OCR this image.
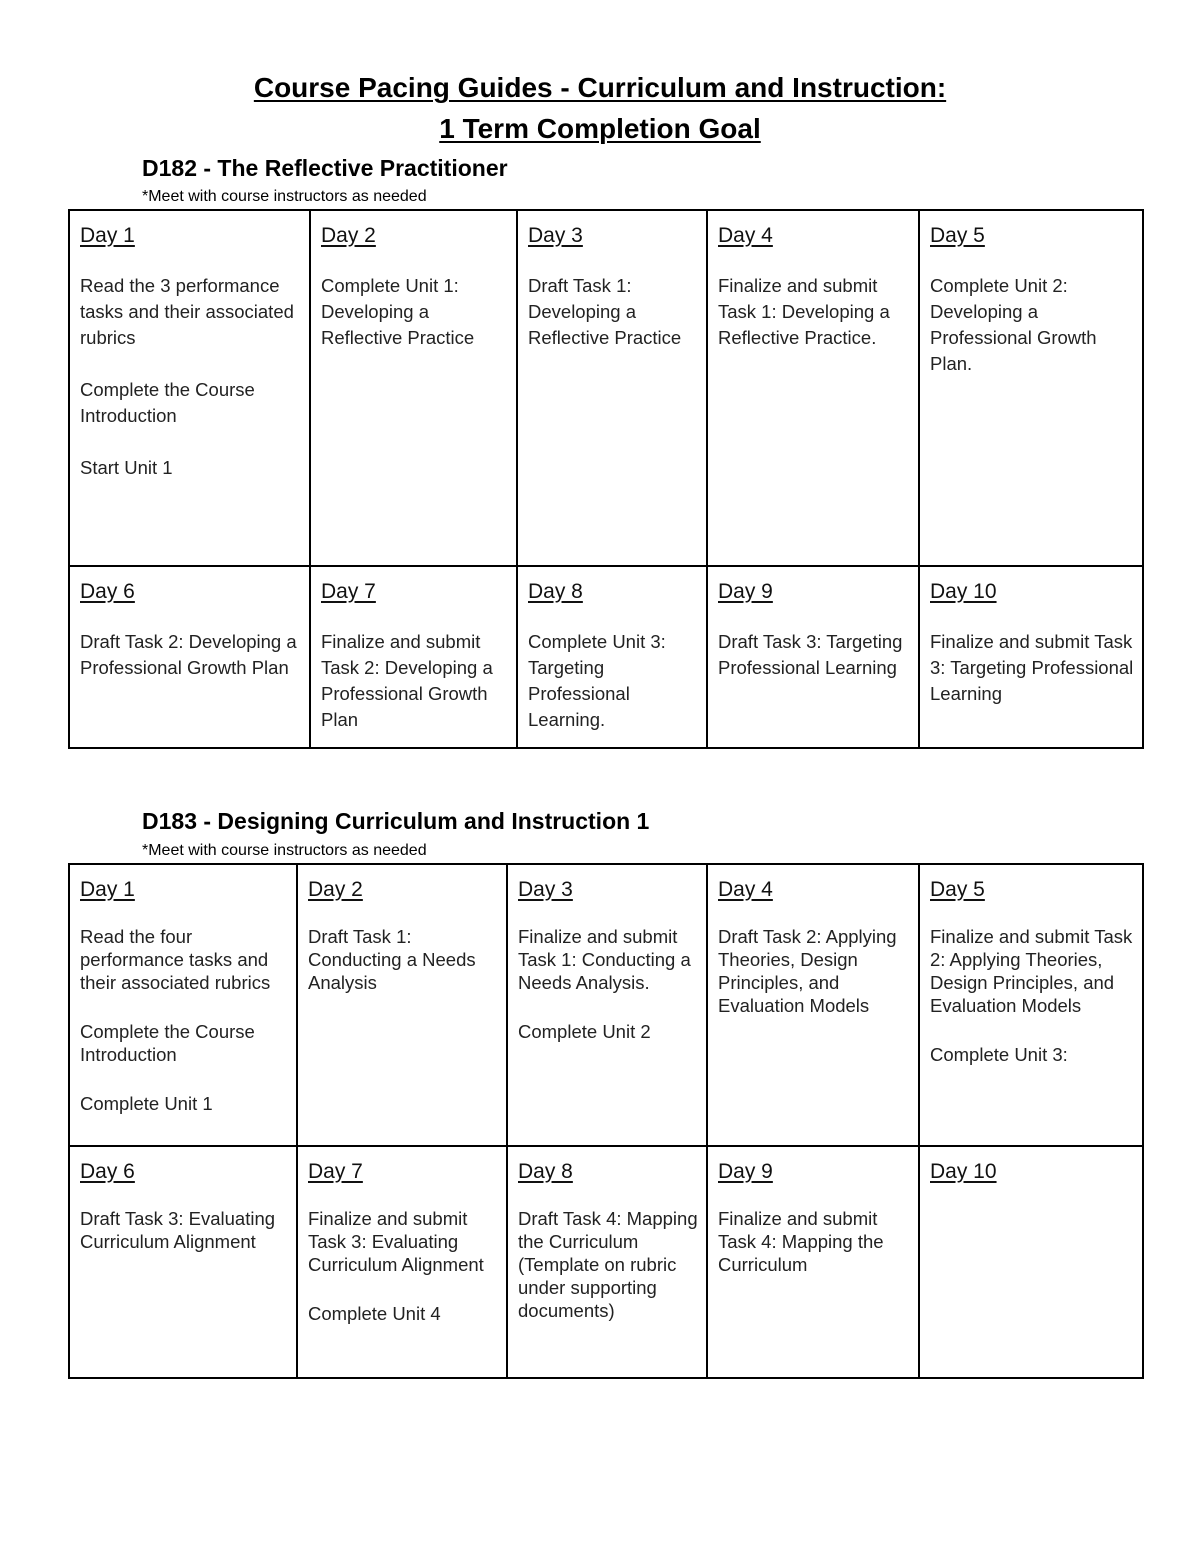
Course Pacing Guides - Curriculum and Instruction:
1 Term Completion Goal
D182 - The Reflective Practitioner

*Meet with course instructors as needed

Day 1
Read the 3 performance tasks and their associated rubrics
Complete the Course Introduction
Start Unit 1	Day 2
Complete Unit 1: Developing a Reflective Practice	Day 3
Draft Task 1: Developing a Reflective Practice	Day 4
Finalize and submit Task 1: Developing a Reflective Practice.	Day 5
Complete Unit 2: Developing a Professional Growth Plan.

Day 6
Draft Task 2: Developing a Professional Growth Plan	Day 7
Finalize and submit Task 2: Developing a Professional Growth Plan	Day 8
Complete Unit 3: Targeting Professional Learning.	Day 9
Draft Task 3: Targeting Professional Learning	Day 10
Finalize and submit Task 3: Targeting Professional Learning
D183 - Designing Curriculum and Instruction 1

*Meet with course instructors as needed

Day 1
Read the four performance tasks and their associated rubrics
Complete the Course Introduction
Complete Unit 1	Day 2
Draft Task 1: Conducting a Needs Analysis	Day 3
Finalize and submit Task 1: Conducting a Needs Analysis.
Complete Unit 2	Day 4
Draft Task 2: Applying Theories, Design Principles, and Evaluation Models	Day 5
Finalize and submit Task 2: Applying Theories, Design Principles, and Evaluation Models
Complete Unit 3:

Day 6
Draft Task 3: Evaluating Curriculum Alignment	Day 7
Finalize and submit Task 3: Evaluating Curriculum Alignment
Complete Unit 4	Day 8
Draft Task 4: Mapping the Curriculum (Template on rubric under supporting documents)	Day 9
Finalize and submit Task 4: Mapping the Curriculum	Day 10
